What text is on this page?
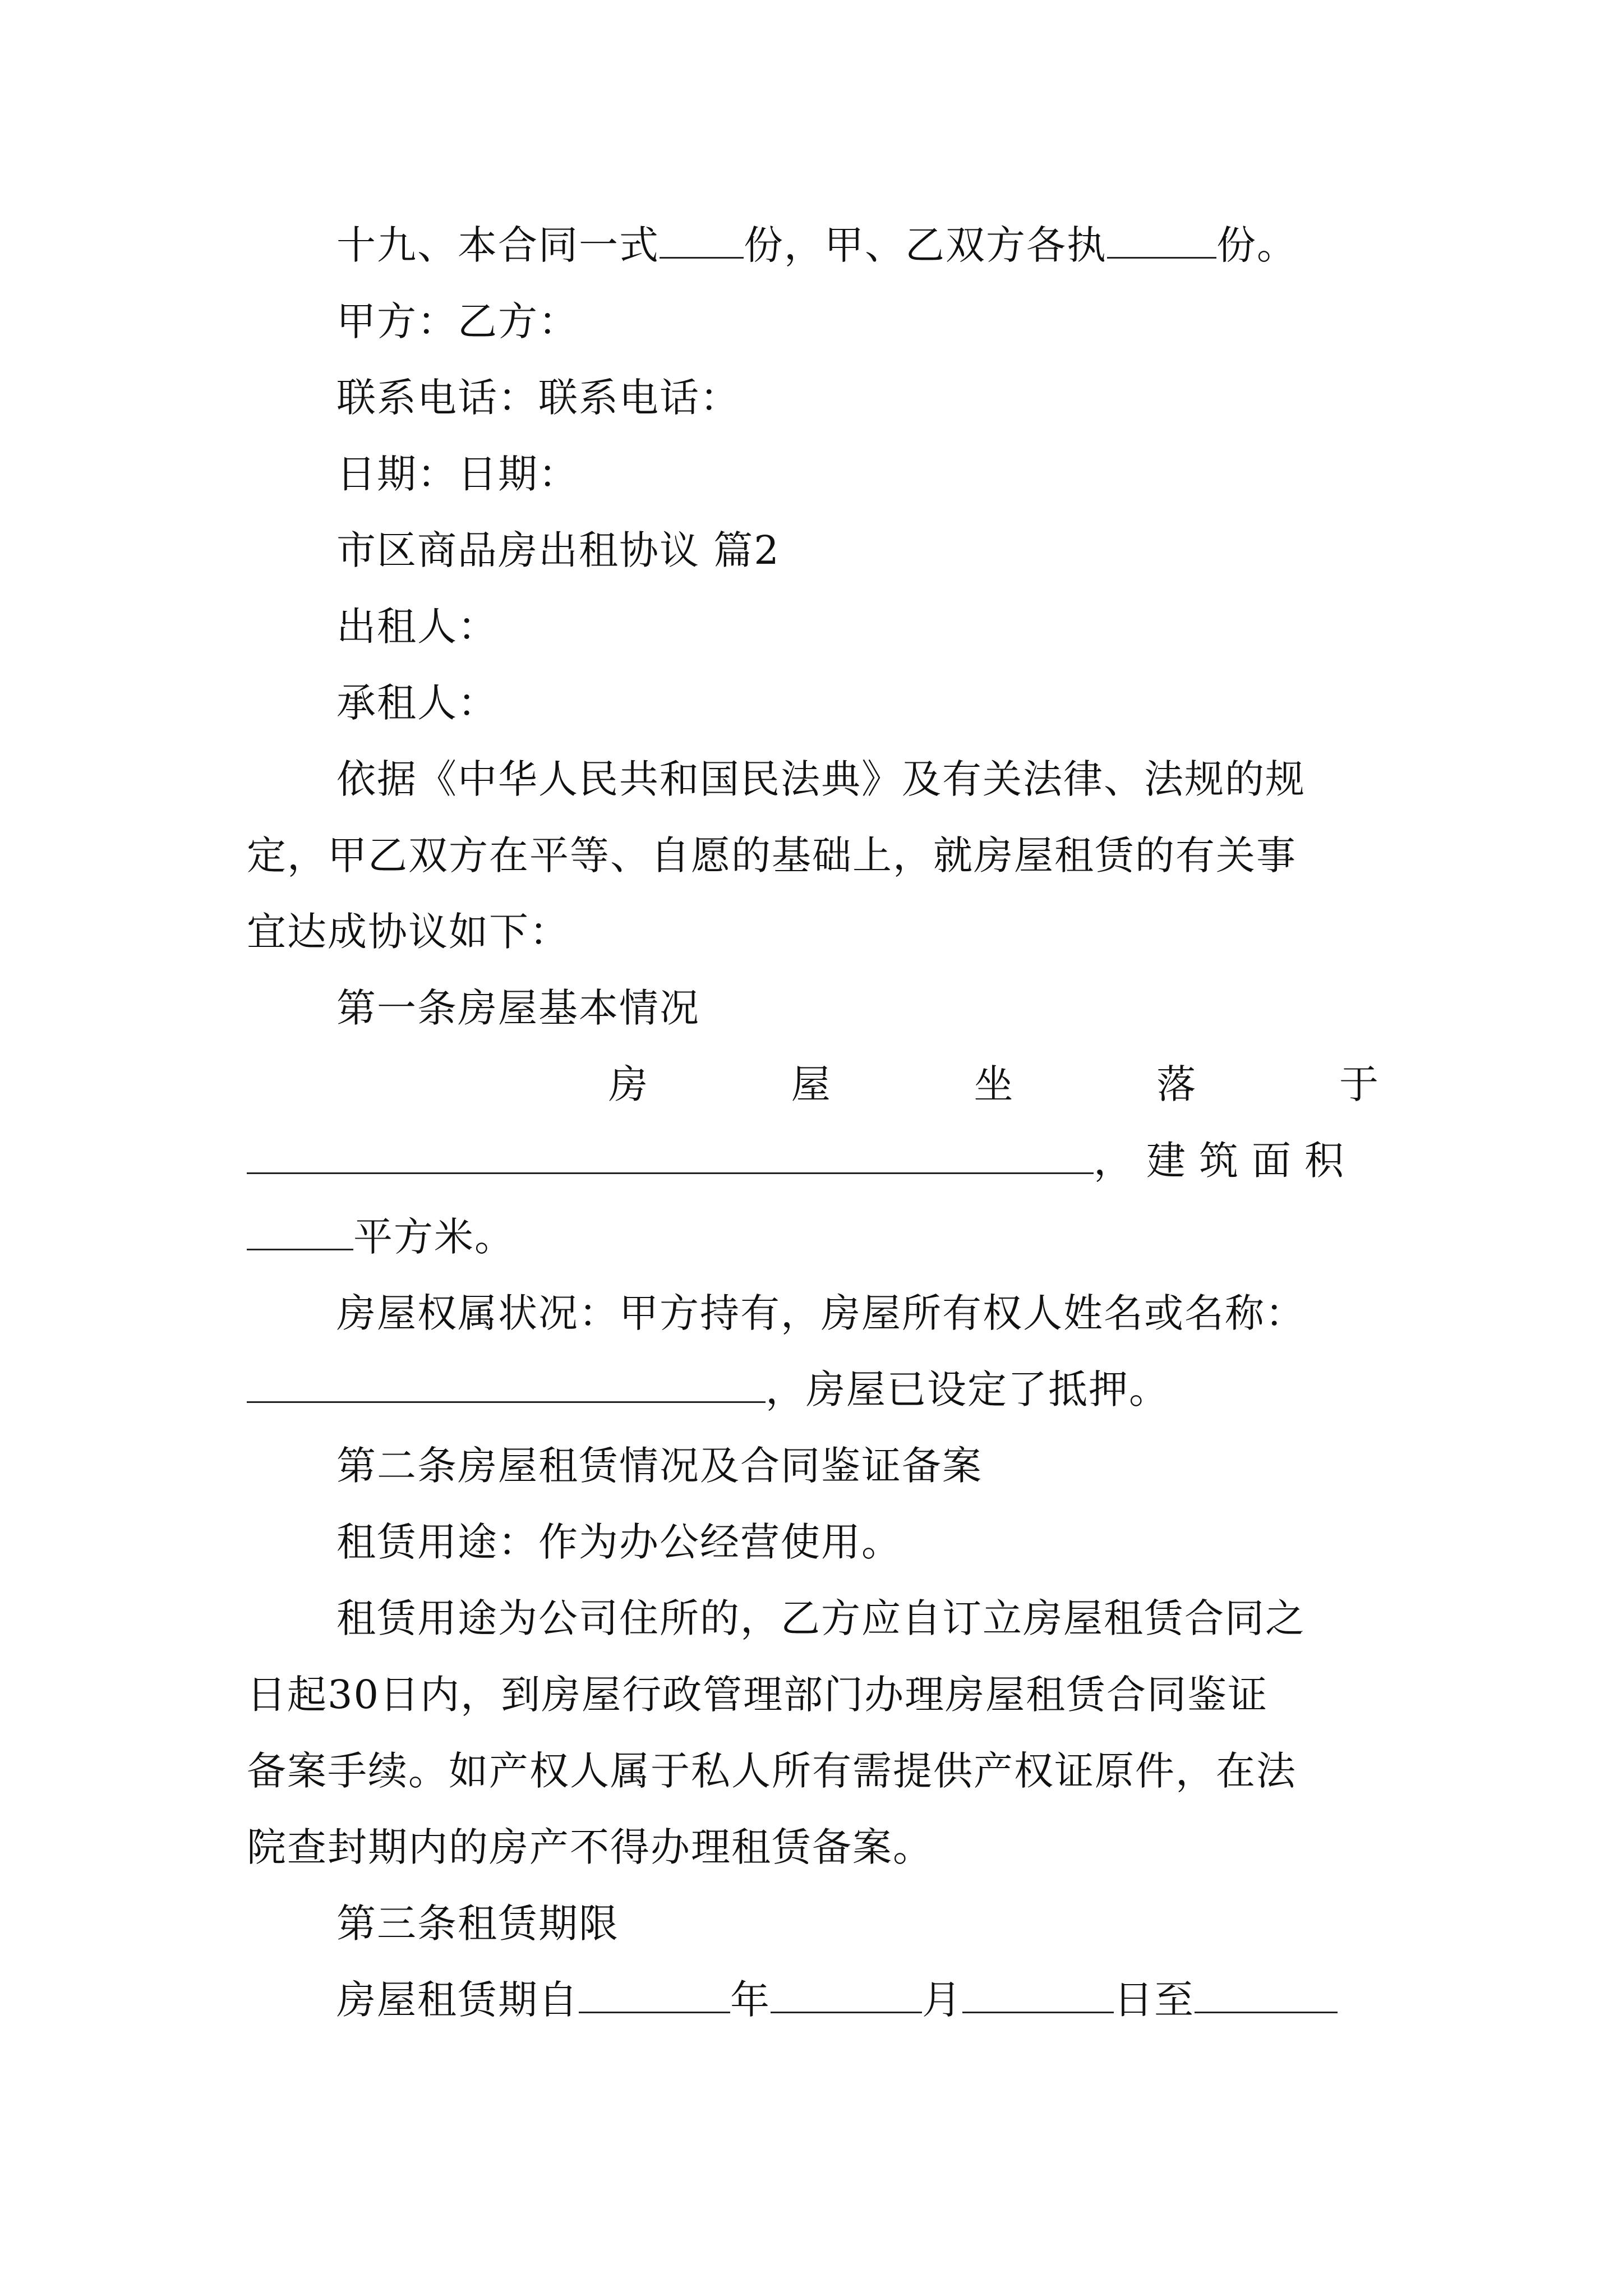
十九、本合同一式 份，甲、乙双方各执	份。
甲方：乙方：
联系电话：联系电话：
日期：日期：
市区商品房出租协议 篇2
出租人：
承租人：
依据《中华人民共和国民法典》及有关法律、法规的规
定，甲乙双方在平等、自愿的基础上，就房屋租赁的有关事
宜达成协议如下：
第一条房屋基本情况
房	屋	坐	落	于
，建筑面积
平方米。
房屋权属状况：甲方持有，房屋所有权人姓名或名称：
，房屋已设定了抵押。
第二条房屋租赁情况及合同鉴证备案
租赁用途：作为办公经营使用。
租赁用途为公司住所的，乙方应自订立房屋租赁合同之
日起30日内，到房屋行政管理部门办理房屋租赁合同鉴证
备案手续。如产权人属于私人所有需提供产权证原件，在法
院查封期内的房产不得办理租赁备案。
第三条租赁期限
房屋租赁期自	年	月	日至
